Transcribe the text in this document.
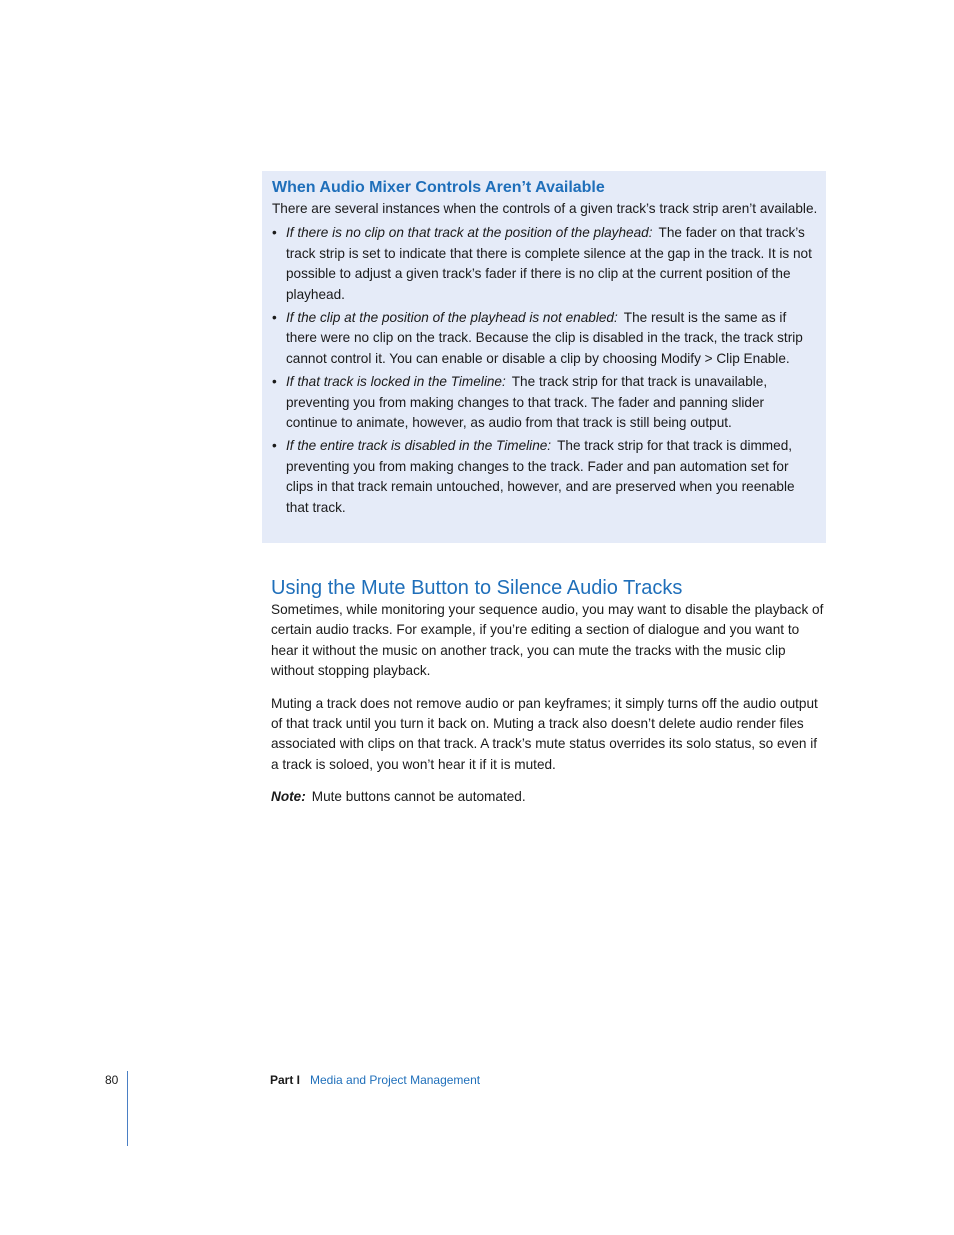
When Audio Mixer Controls Aren’t Available

There are several instances when the controls of a given track’s track strip aren’t available.

• If there is no clip on that track at the position of the playhead: The fader on that track’s track strip is set to indicate that there is complete silence at the gap in the track. It is not possible to adjust a given track’s fader if there is no clip at the current position of the playhead.
• If the clip at the position of the playhead is not enabled: The result is the same as if there were no clip on the track. Because the clip is disabled in the track, the track strip cannot control it. You can enable or disable a clip by choosing Modify > Clip Enable.
• If that track is locked in the Timeline: The track strip for that track is unavailable, preventing you from making changes to that track. The fader and panning slider continue to animate, however, as audio from that track is still being output.
• If the entire track is disabled in the Timeline: The track strip for that track is dimmed, preventing you from making changes to the track. Fader and pan automation set for clips in that track remain untouched, however, and are preserved when you reenable that track.
Using the Mute Button to Silence Audio Tracks

Sometimes, while monitoring your sequence audio, you may want to disable the playback of certain audio tracks. For example, if you’re editing a section of dialogue and you want to hear it without the music on another track, you can mute the tracks with the music clip without stopping playback.

Muting a track does not remove audio or pan keyframes; it simply turns off the audio output of that track until you turn it back on. Muting a track also doesn’t delete audio render files associated with clips on that track. A track’s mute status overrides its solo status, so even if a track is soloed, you won’t hear it if it is muted.

Note: Mute buttons cannot be automated.

80	Part I Media and Project Management
